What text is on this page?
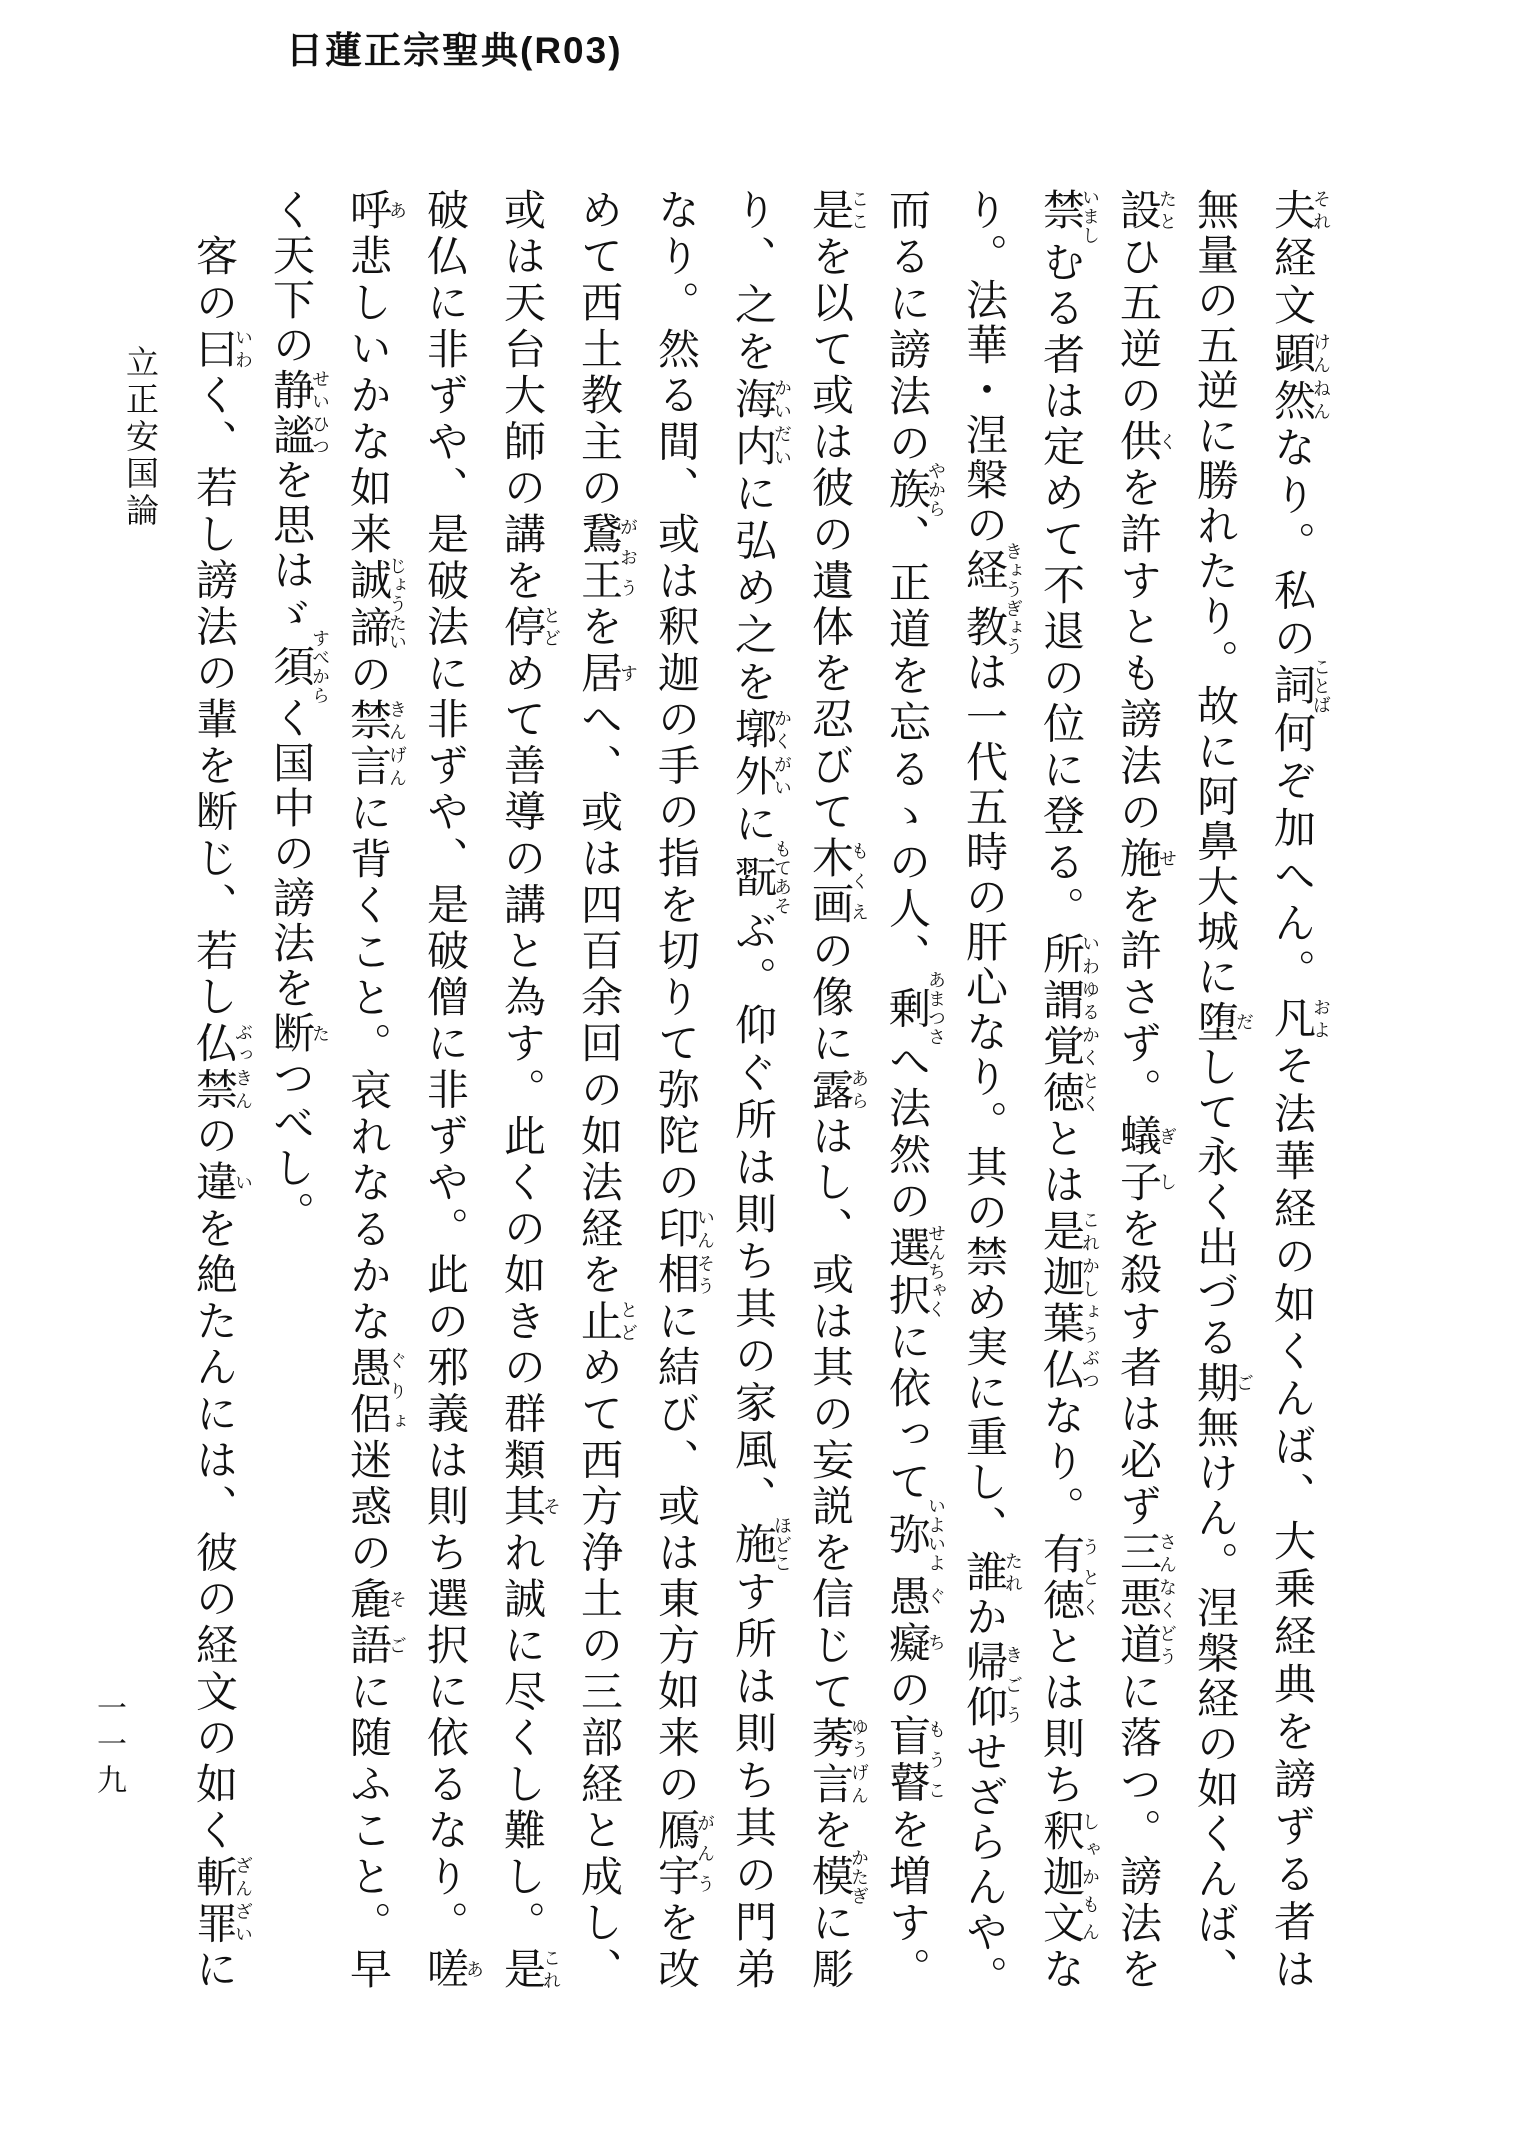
日蓮正宗聖典(R03)
夫それ経文顕然けんねんなり。私の詞ことば何ぞ加へん。凡およそ法華経の如くんば、大乗経典を謗ずる者は
無量の五逆に勝れたり。故に阿鼻大城に堕だして永く出づる期ご無けん。涅槃経の如くんば、
設たとひ五逆の供くを許すとも謗法の施せを許さず。蟻子ぎしを殺す者は必ず三悪道さんなくどうに落つ。謗法を
禁いましむる者は定めて不退の位に登る。所謂覚徳いわゆるかくとくとは是迦葉仏これかしょうぶつなり。有徳うとくとは則ち釈迦文しゃかもんな
り。法華・涅槃の経教きょうぎょうは一代五時の肝心なり。其の禁め実に重し、誰たれか帰仰きごうせざらんや。
而るに謗法の族やから、正道を忘るゝの人、剰あまつさへ法然の選択せんちゃくに依って弥いよいよ愚癡ぐちの盲瞽もうこを増す。
是ここを以て或は彼の遺体を忍びて木画もくえの像に露あらはし、或は其の妄説を信じて莠言ゆうげんを模かたぎに彫
り、之を海内かいだいに弘め之を墎外かくがいに翫もてあそぶ。仰ぐ所は則ち其の家風、施ほどこす所は則ち其の門弟
なり。然る間、或は釈迦の手の指を切りて弥陀の印相いんそうに結び、或は東方如来の鴈宇がんうを改
めて西土教主の鵞王がおうを居すへ、或は四百余回の如法経を止とどめて西方浄土の三部経と成し、
或は天台大師の講を停とどめて善導の講と為す。此くの如きの群類其それ誠に尽くし難し。是これ
破仏に非ずや、是破法に非ずや、是破僧に非ずや。此の邪義は則ち選択に依るなり。嗟あ
呼あ悲しいかな如来誠諦じょうたいの禁言きんげんに背くこと。哀れなるかな愚侶ぐりょ迷惑の麁語そごに随ふこと。早
く天下の静謐せいひつを思はゞ須すべからく国中の謗法を断たつべし。
客の曰いわく、若し謗法の輩を断じ、若し仏禁ぶっきんの違いを絶たんには、彼の経文の如く斬罪ざんざいに
立正安国論
一一九
